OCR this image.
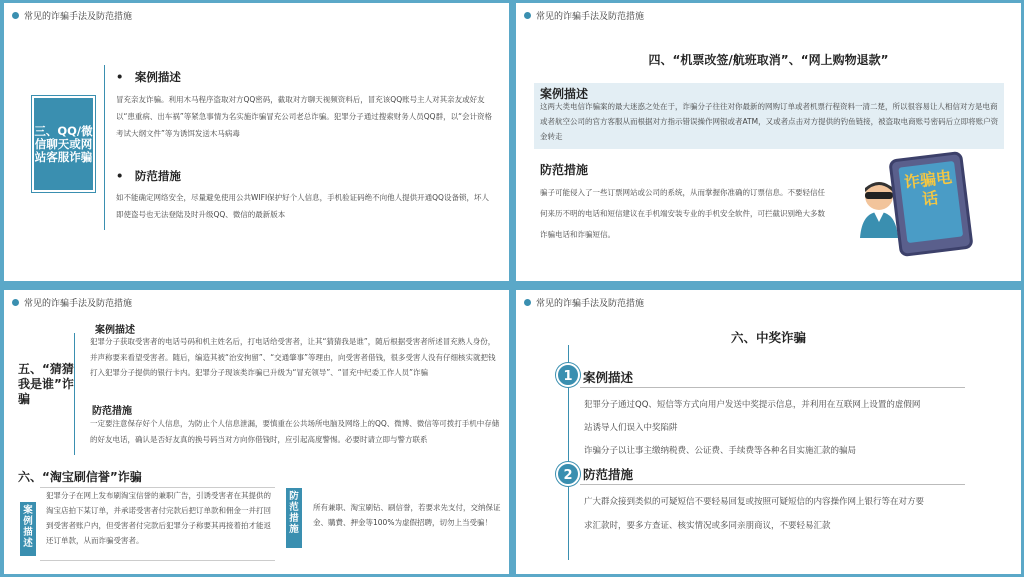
常见的诈骗手法及防范措施
三、QQ/微信聊天或网站客服诈骗
•　案例描述
冒充亲友诈骗。利用木马程序盗取对方QQ密码，截取对方聊天视频资料后，冒充该QQ账号主人对其亲友或好友以“患重病、出车祸”等紧急事情为名实施诈骗冒充公司老总诈骗。犯罪分子通过搜索财务人员QQ群，以“会计资格考试大纲文件”等为诱饵发送木马病毒
•　防范措施
如不能确定网络安全，尽量避免使用公共WIFI保护好个人信息，手机验证码绝不向他人提供开通QQ设备锁，坏人即使盗号也无法登陆及时升级QQ、微信的最新版本
常见的诈骗手法及防范措施
四、“机票改签/航班取消”、“网上购物退款”
案例描述
这两大类电信诈骗案的最大迷惑之处在于，诈骗分子往往对你最新的网购订单或者机票行程资料一清二楚，所以很容易让人相信对方是电商或者航空公司的官方客服从而根据对方指示错误操作网银或者ATM，又或者点击对方提供的钓鱼链接，被盗取电商账号密码后立即将账户资金转走
防范措施
骗子可能侵入了一些订票网站或公司的系统，从而掌握你准确的订票信息。不要轻信任何来历不明的电话和短信建议在手机端安装专业的手机安全软件，可拦截识别绝大多数诈骗电话和诈骗短信。
诈骗电话
常见的诈骗手法及防范措施
五、“猜猜我是谁”诈骗
案例描述
犯罪分子获取受害者的电话号码和机主姓名后，打电话给受害者，让其“猜猜我是谁”，随后根据受害者所述冒充熟人身份，并声称要来看望受害者。随后，编造其被“治安拘留”、“交通肇事”等理由，向受害者借钱，很多受害人没有仔细核实就把钱打入犯罪分子提供的银行卡内。犯罪分子现该类诈骗已升级为“冒充领导”、“冒充中纪委工作人员”诈骗
防范措施
一定要注意保存好个人信息，为防止个人信息泄漏，要慎重在公共场所电脑及网络上的QQ、微博、微信等可拨打手机中存储的好友电话，确认是否好友真的换号码当对方向你借钱时，应引起高度警惕。必要时请立即与警方联系
六、“淘宝刷信誉”诈骗
案例描述
犯罪分子在网上发布刷淘宝信誉的兼职广告，引诱受害者在其提供的淘宝店拍下某订单，并承诺受害者付完款后把订单款和佣金一并打回到受害者账户内，但受害者付完款后犯罪分子称要其再接着拍才能返还订单款，从而诈骗受害者。
防范措施
所有兼职、淘宝刷钻、刷信誉，若要求先支付，交纳保证金、購費、押金等100%为虚假招聘，切勿上当受骗！
常见的诈骗手法及防范措施
六、中奖诈骗
1 案例描述
犯罪分子通过QQ、短信等方式向用户发送中奖提示信息，并利用在互联网上设置的虚假网
站诱导人们误入中奖陷阱
诈骗分子以让事主缴纳税费、公证费、手续费等各种名目实施汇款的骗局
2 防范措施
广大群众接到类似的可疑短信不要轻易回复或按照可疑短信的内容操作网上银行等在对方要
求汇款时，要多方查证、核实情况或多同亲朋商议，不要轻易汇款
